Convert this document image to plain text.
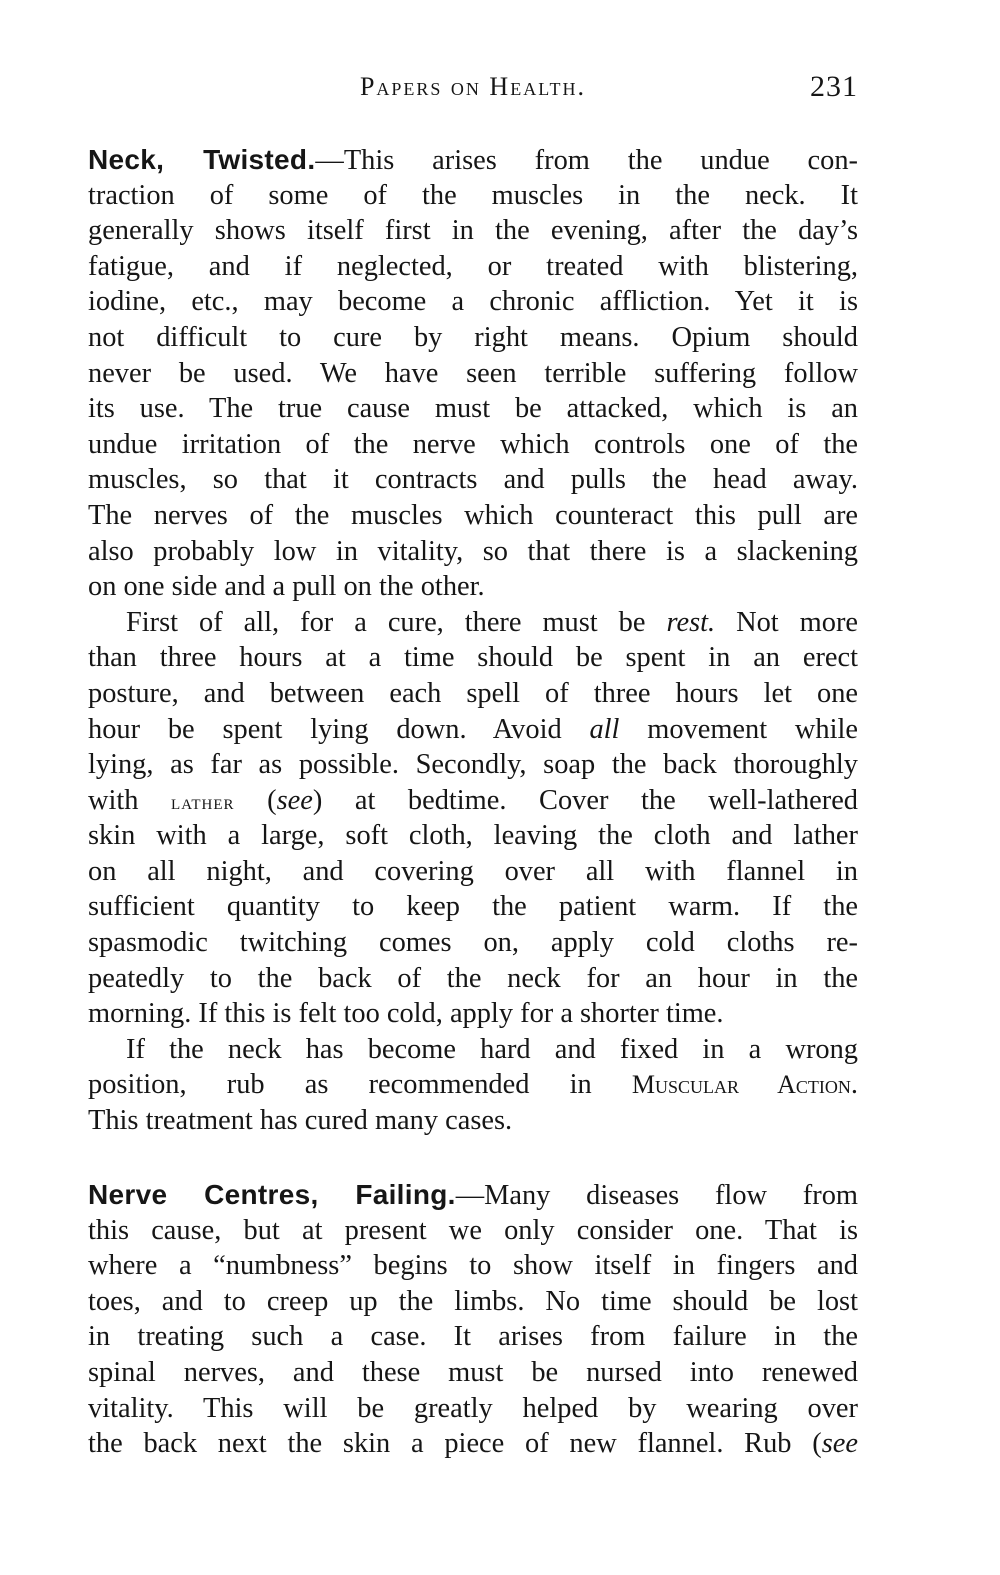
Papers on Health.	231
Neck, Twisted.—This arises from the undue con-
traction of some of the muscles in the neck. It
generally shows itself first in the evening, after the day’s
fatigue, and if neglected, or treated with blistering,
iodine, etc., may become a chronic affliction. Yet it is
not difficult to cure by right means. Opium should
never be used. We have seen terrible suffering follow
its use. The true cause must be attacked, which is an
undue irritation of the nerve which controls one of the
muscles, so that it contracts and pulls the head away.
The nerves of the muscles which counteract this pull are
also probably low in vitality, so that there is a slackening
on one side and a pull on the other.
First of all, for a cure, there must be rest. Not more
than three hours at a time should be spent in an erect
posture, and between each spell of three hours let one
hour be spent lying down. Avoid all movement while
lying, as far as possible. Secondly, soap the back thoroughly
with lather (see) at bedtime. Cover the well-lathered
skin with a large, soft cloth, leaving the cloth and lather
on all night, and covering over all with flannel in
sufficient quantity to keep the patient warm. If the
spasmodic twitching comes on, apply cold cloths re-
peatedly to the back of the neck for an hour in the
morning. If this is felt too cold, apply for a shorter time.
If the neck has become hard and fixed in a wrong
position, rub as recommended in Muscular Action.
This treatment has cured many cases.
Nerve Centres, Failing.—Many diseases flow from
this cause, but at present we only consider one. That is
where a “numbness” begins to show itself in fingers and
toes, and to creep up the limbs. No time should be lost
in treating such a case. It arises from failure in the
spinal nerves, and these must be nursed into renewed
vitality. This will be greatly helped by wearing over
the back next the skin a piece of new flannel. Rub (see
